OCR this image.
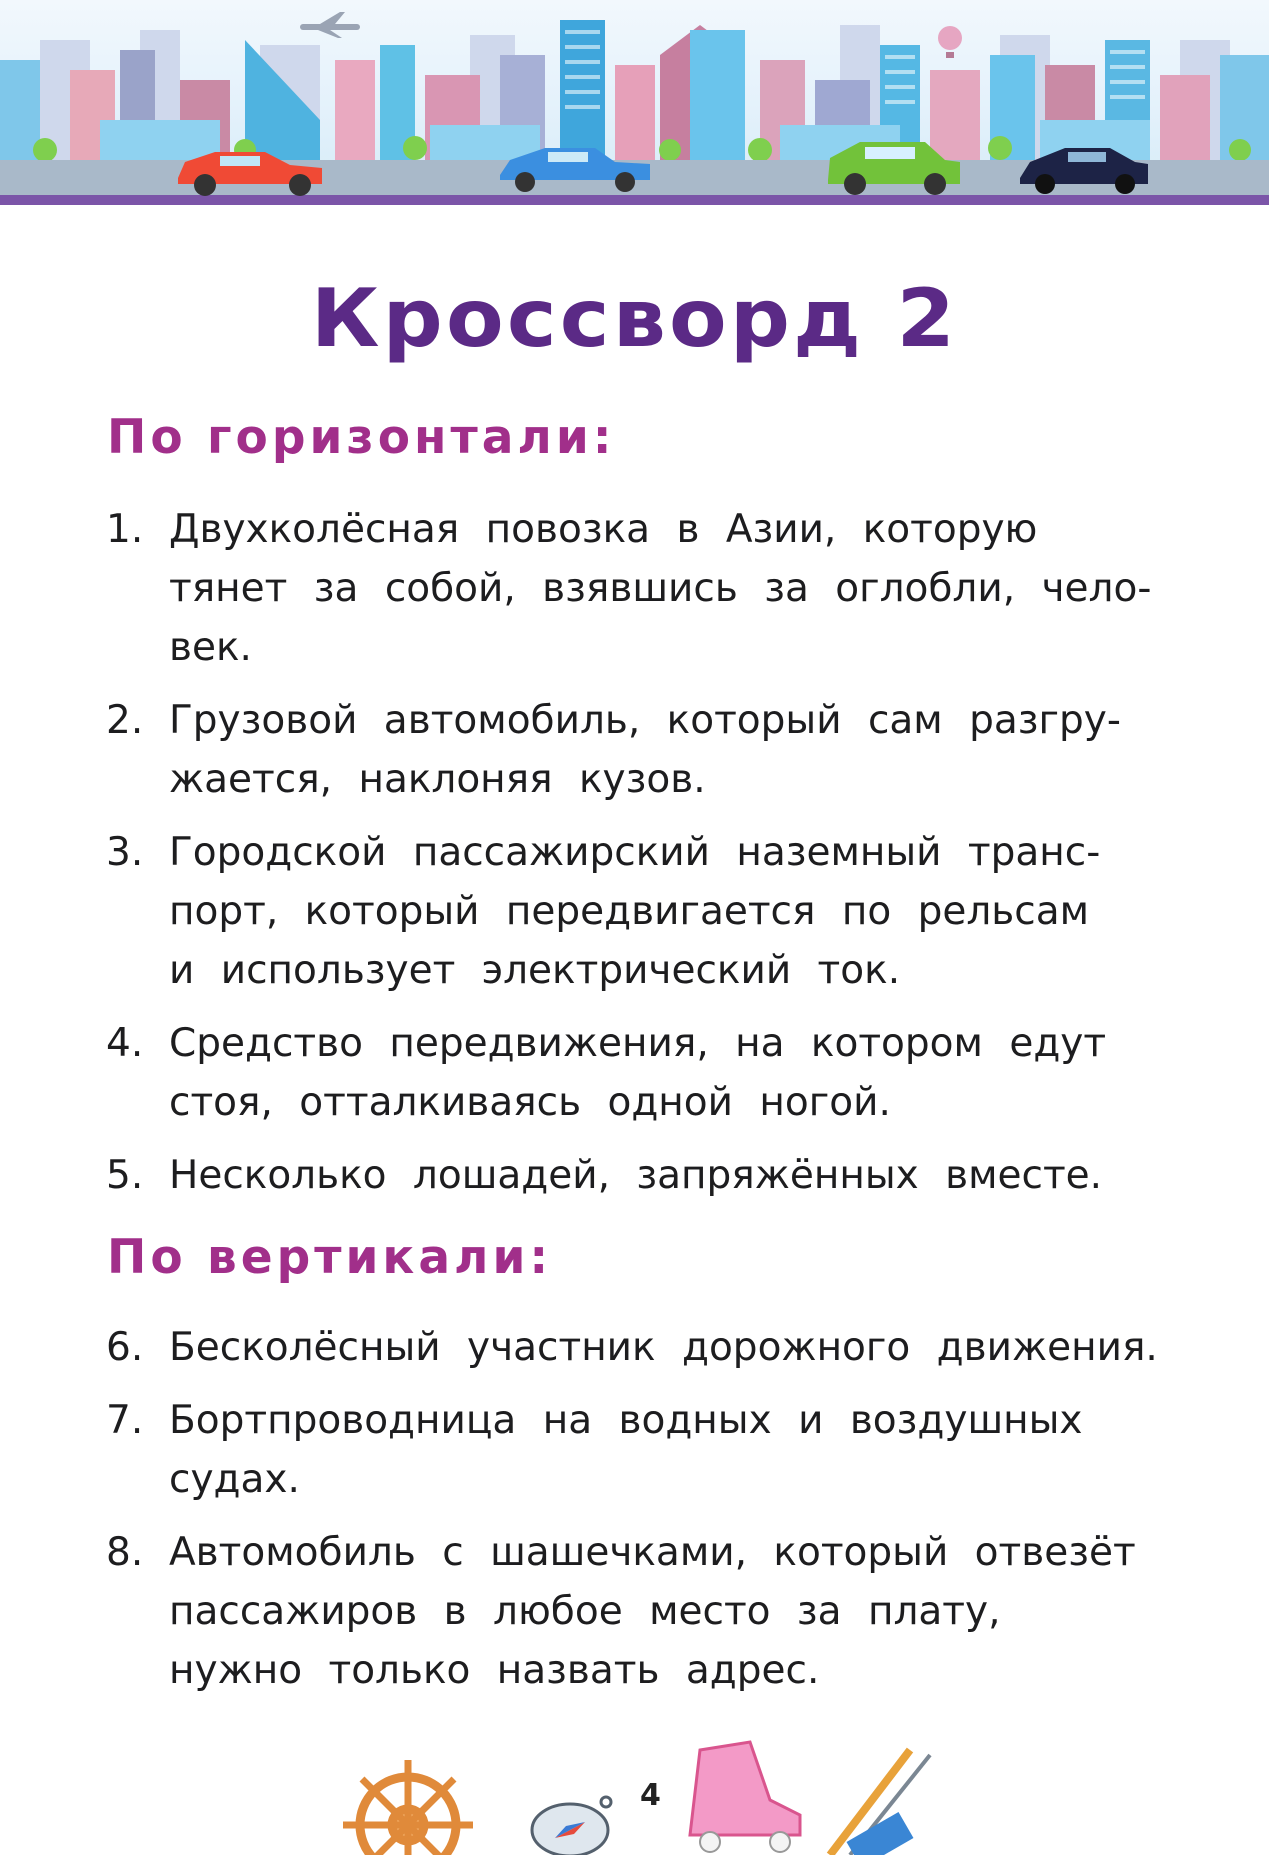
Кроссворд 2
По горизонтали:
1. Двухколёсная повозка в Азии, которую
тянет за собой, взявшись за оглобли, чело-
век.
2. Грузовой автомобиль, который сам разгру-
жается, наклоняя кузов.
3. Городской пассажирский наземный транс-
порт, который передвигается по рельсам
и использует электрический ток.
4. Средство передвижения, на котором едут
стоя, отталкиваясь одной ногой.
5. Несколько лошадей, запряжённых вместе.
По вертикали:
6. Бесколёсный участник дорожного движения.
7. Бортпроводница на водных и воздушных
судах.
8. Автомобиль с шашечками, который отвезёт
пассажиров в любое место за плату,
нужно только назвать адрес.
4
